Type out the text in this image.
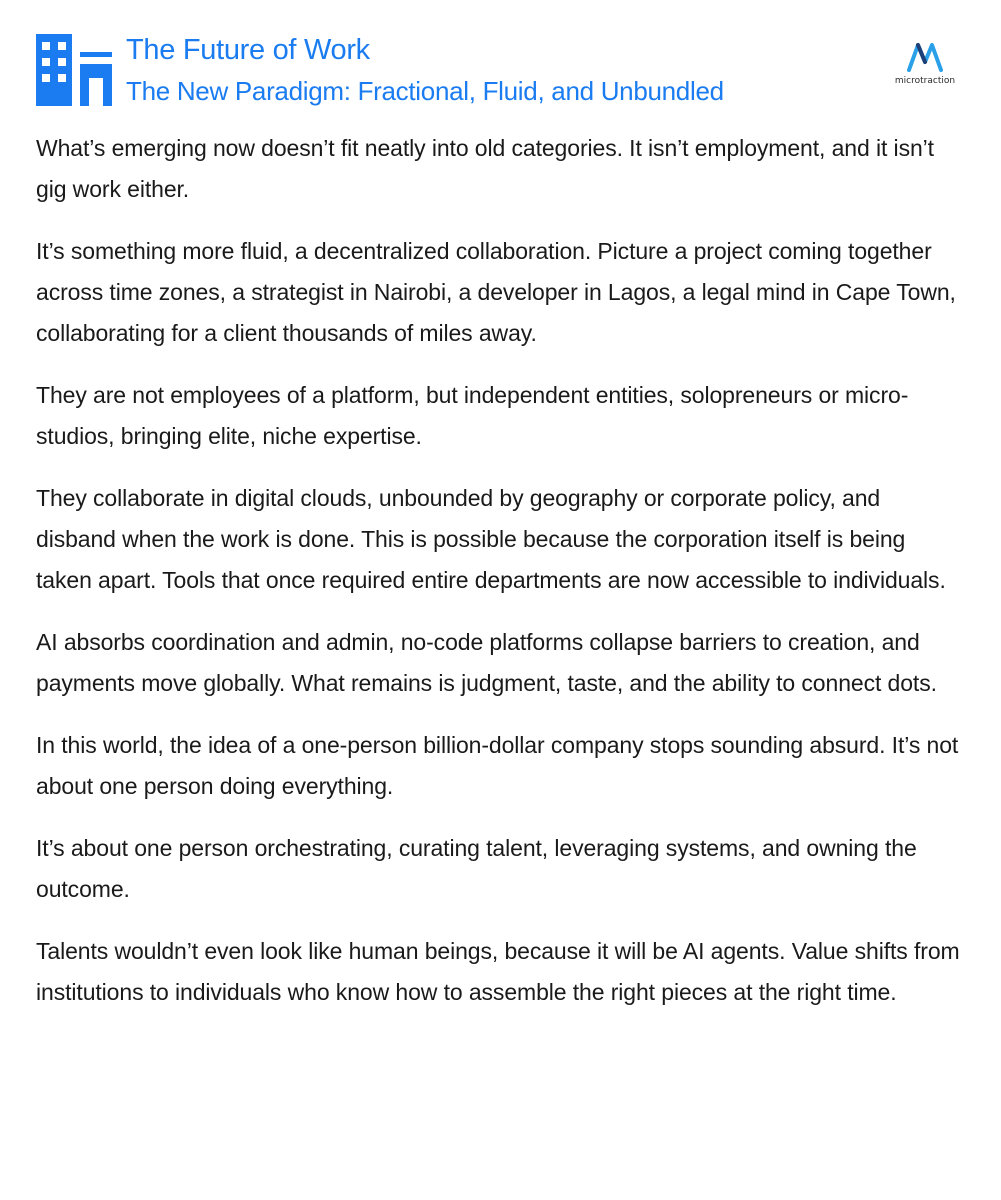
The Future of Work
The New Paradigm: Fractional, Fluid, and Unbundled	microtraction

What’s emerging now doesn’t fit neatly into old categories. It isn’t employment, and it isn’t gig work either.

It’s something more fluid, a decentralized collaboration. Picture a project coming together across time zones, a strategist in Nairobi, a developer in Lagos, a legal mind in Cape Town, collaborating for a client thousands of miles away.

They are not employees of a platform, but independent entities, solopreneurs or micro-studios, bringing elite, niche expertise.

They collaborate in digital clouds, unbounded by geography or corporate policy, and disband when the work is done. This is possible because the corporation itself is being taken apart. Tools that once required entire departments are now accessible to individuals.

AI absorbs coordination and admin, no-code platforms collapse barriers to creation, and payments move globally. What remains is judgment, taste, and the ability to connect dots.

In this world, the idea of a one-person billion-dollar company stops sounding absurd. It’s not about one person doing everything.

It’s about one person orchestrating, curating talent, leveraging systems, and owning the outcome.

Talents wouldn’t even look like human beings, because it will be AI agents. Value shifts from institutions to individuals who know how to assemble the right pieces at the right time.
